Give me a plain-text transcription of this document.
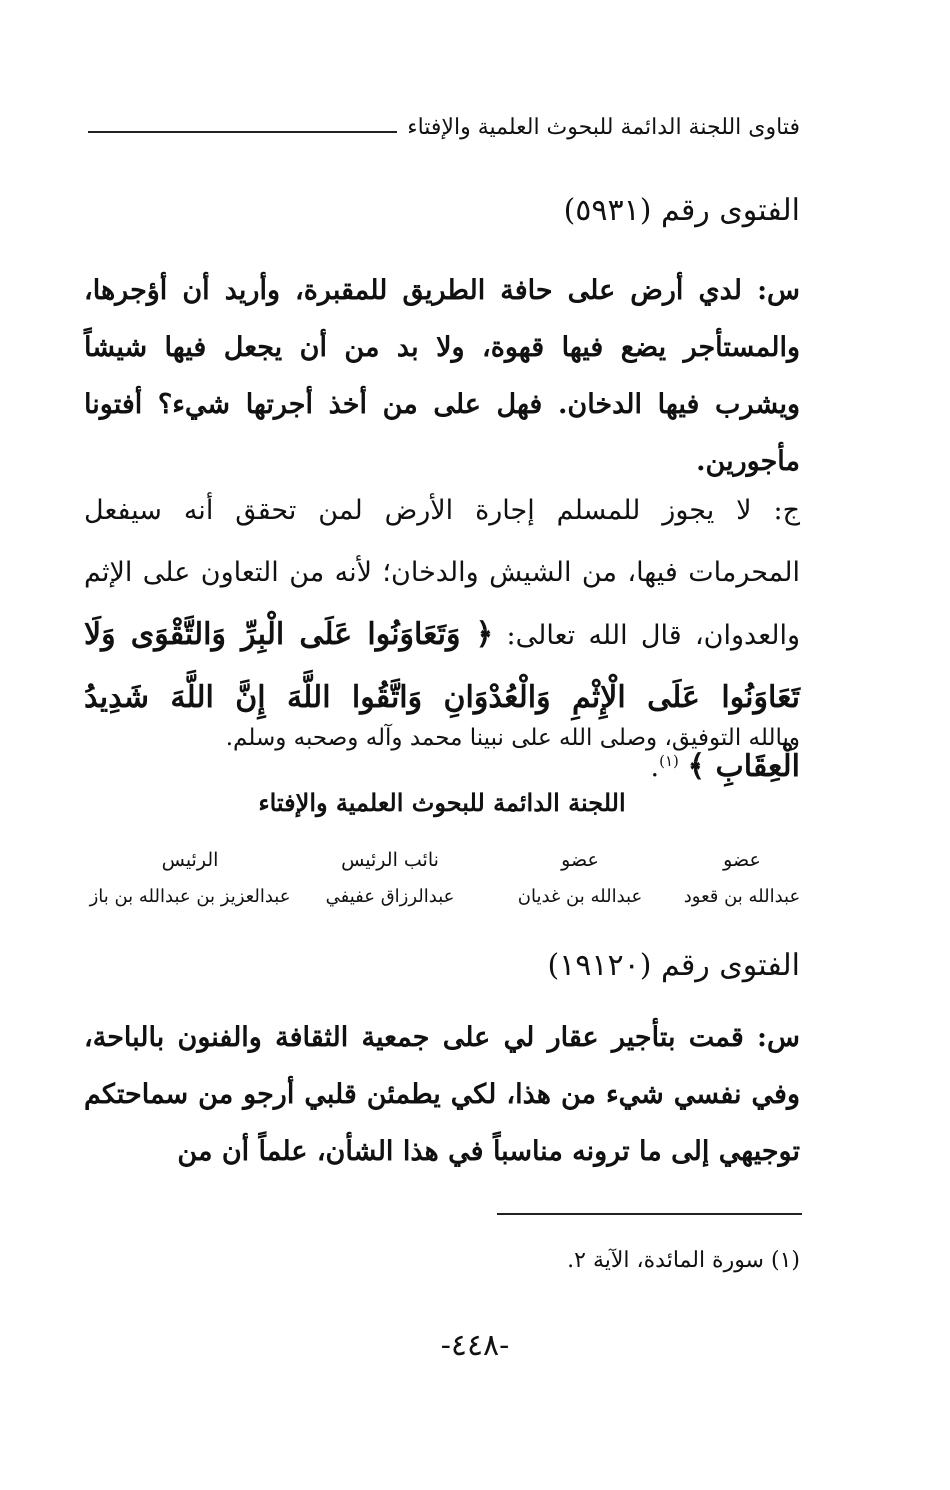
فتاوى اللجنة الدائمة للبحوث العلمية والإفتاء
الفتوى رقم (٥٩٣١)

س: لدي أرض على حافة الطريق للمقبرة، وأريد أن أؤجرها، والمستأجر يضع فيها قهوة، ولا بد من أن يجعل فيها شيشاً ويشرب فيها الدخان. فهل على من أخذ أجرتها شيء؟ أفتونا مأجورين.

ج: لا يجوز للمسلم إجارة الأرض لمن تحقق أنه سيفعل المحرمات فيها، من الشيش والدخان؛ لأنه من التعاون على الإثم والعدوان، قال الله تعالى: ﴿ وَتَعَاوَنُوا عَلَى الْبِرِّ وَالتَّقْوَى وَلَا تَعَاوَنُوا عَلَى الْإِثْمِ وَالْعُدْوَانِ وَاتَّقُوا اللَّهَ إِنَّ اللَّهَ شَدِيدُ الْعِقَابِ ﴾ $^{(١)}$.

وبالله التوفيق، وصلى الله على نبينا محمد وآله وصحبه وسلم.
اللجنة الدائمة للبحوث العلمية والإفتاء
عضو
عبدالله بن قعود
عضو
عبدالله بن غديان
نائب الرئيس
عبدالرزاق عفيفي
الرئيس
عبدالعزيز بن عبدالله بن باز
الفتوى رقم (١٩١٢٠)

س: قمت بتأجير عقار لي على جمعية الثقافة والفنون بالباحة، وفي نفسي شيء من هذا، لكي يطمئن قلبي أرجو من سماحتكم توجيهي إلى ما ترونه مناسباً في هذا الشأن، علماً أن من

(١) سورة المائدة، الآية ٢.
-٤٤٨-
